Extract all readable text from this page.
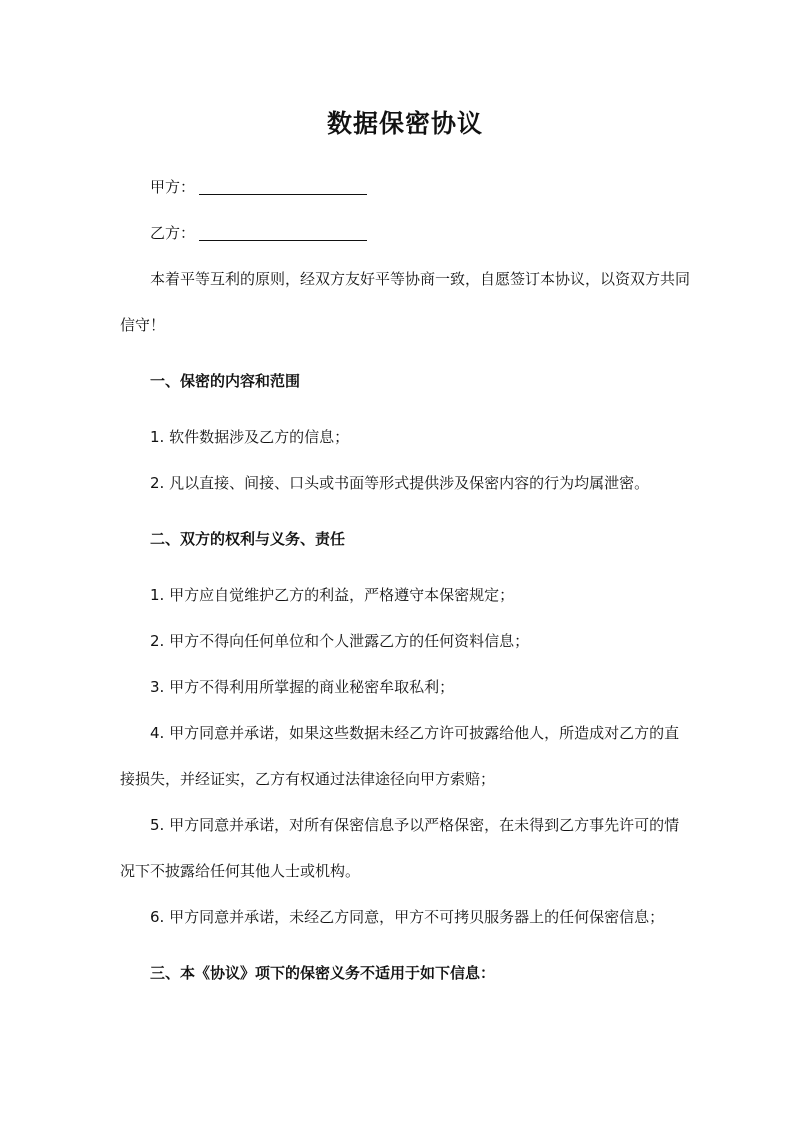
数据保密协议
甲方：
乙方：

本着平等互利的原则，经双方友好平等协商一致，自愿签订本协议，以资双方共同信守！

一、保密的内容和范围

1. 软件数据涉及乙方的信息；

2. 凡以直接、间接、口头或书面等形式提供涉及保密内容的行为均属泄密。

二、双方的权利与义务、责任

1. 甲方应自觉维护乙方的利益，严格遵守本保密规定；

2. 甲方不得向任何单位和个人泄露乙方的任何资料信息；

3. 甲方不得利用所掌握的商业秘密牟取私利；

4. 甲方同意并承诺，如果这些数据未经乙方许可披露给他人，所造成对乙方的直接损失，并经证实，乙方有权通过法律途径向甲方索赔；

5. 甲方同意并承诺，对所有保密信息予以严格保密，在未得到乙方事先许可的情况下不披露给任何其他人士或机构。

6. 甲方同意并承诺，未经乙方同意，甲方不可拷贝服务器上的任何保密信息；

三、本《协议》项下的保密义务不适用于如下信息：
